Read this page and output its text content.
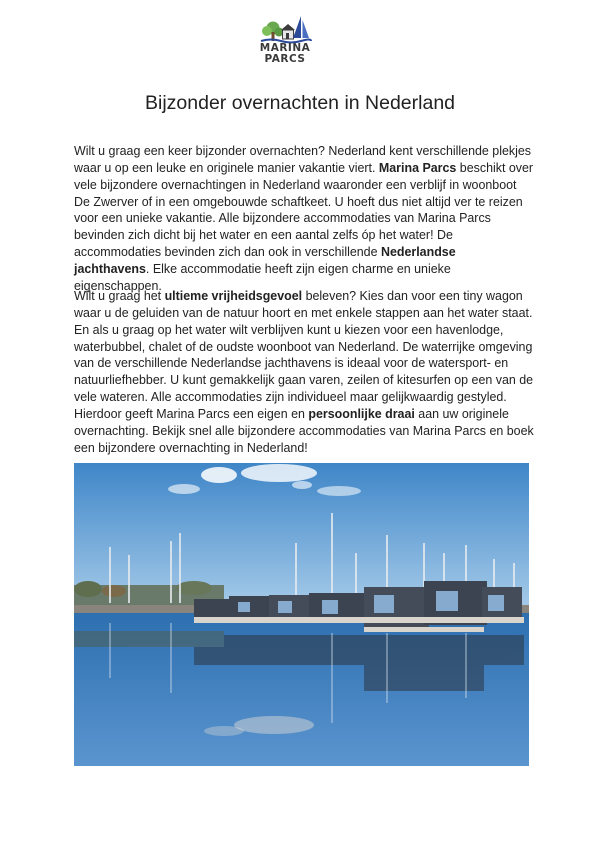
MARINA
PARCS
Bijzonder overnachten in Nederland

Wilt u graag een keer bijzonder overnachten? Nederland kent verschillende plekjes waar u op een leuke en originele manier vakantie viert. Marina Parcs beschikt over vele bijzondere overnachtingen in Nederland waaronder een verblijf in woonboot De Zwerver of in een omgebouwde schaftkeet. U hoeft dus niet altijd ver te reizen voor een unieke vakantie. Alle bijzondere accommodaties van Marina Parcs bevinden zich dicht bij het water en een aantal zelfs óp het water! De accommodaties bevinden zich dan ook in verschillende Nederlandse jachthavens. Elke accommodatie heeft zijn eigen charme en unieke eigenschappen.

Wilt u graag het ultieme vrijheidsgevoel beleven? Kies dan voor een tiny wagon waar u de geluiden van de natuur hoort en met enkele stappen aan het water staat. En als u graag op het water wilt verblijven kunt u kiezen voor een havenlodge, waterbubbel, chalet of de oudste woonboot van Nederland. De waterrijke omgeving van de verschillende Nederlandse jachthavens is ideaal voor de watersport- en natuurliefhebber. U kunt gemakkelijk gaan varen, zeilen of kitesurfen op een van de vele wateren. Alle accommodaties zijn individueel maar gelijkwaardig gestyled. Hierdoor geeft Marina Parcs een eigen en persoonlijke draai aan uw originele overnachting. Bekijk snel alle bijzondere accommodaties van Marina Parcs en boek een bijzondere overnachting in Nederland!
